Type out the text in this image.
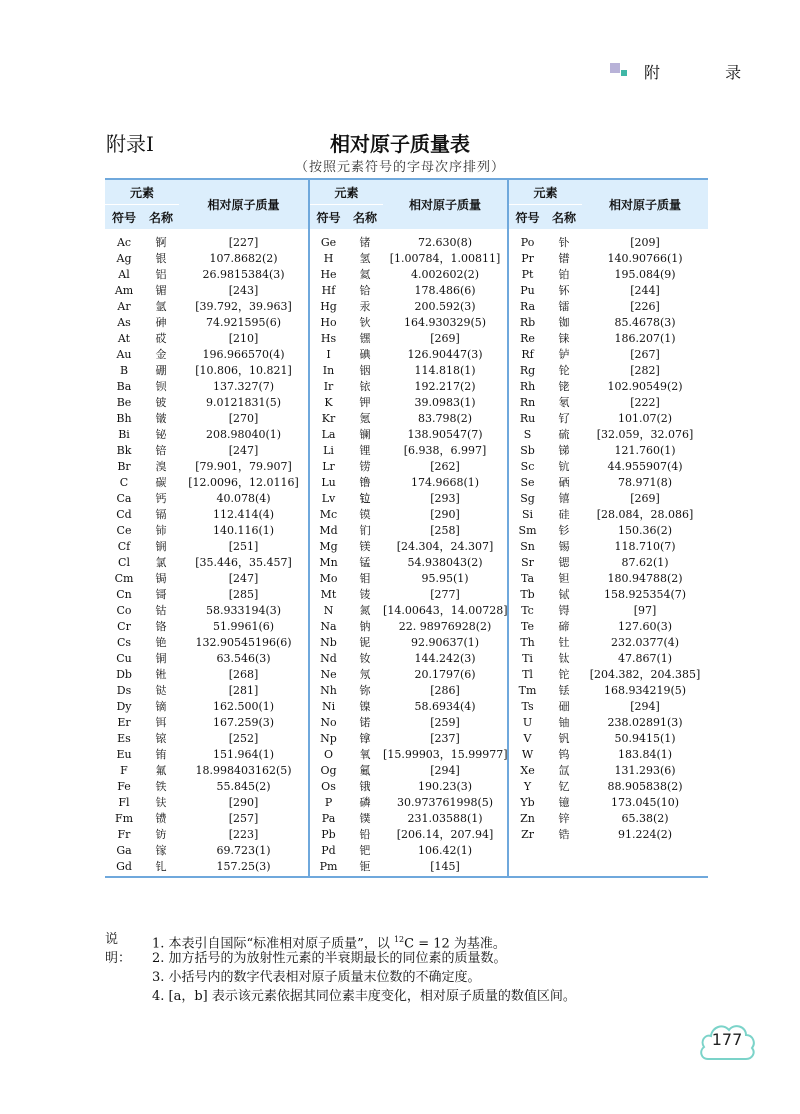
附 录
相对原子质量表
附录Ⅰ
（按照元素符号的字母次序排列）
元素		相对原子质量	元素		相对原子质量	元素		相对原子质量
符号	名称		符号	名称		符号	名称	
Ac	锕	[227]	Ge	锗	72.630(8)	Po	钋	[209]
Ag	银	107.8682(2)	H	氢	[1.00784，1.00811]	Pr	镨	140.90766(1)
Al	铝	26.9815384(3)	He	氦	4.002602(2)	Pt	铂	195.084(9)
Am	镅	[243]	Hf	铪	178.486(6)	Pu	钚	[244]
Ar	氩	[39.792，39.963]	Hg	汞	200.592(3)	Ra	镭	[226]
As	砷	74.921595(6)	Ho	钬	164.930329(5)	Rb	铷	85.4678(3)
At	砹	[210]	Hs	𬭶	[269]	Re	铼	186.207(1)
Au	金	196.966570(4)	I	碘	126.90447(3)	Rf	𬬻	[267]
B	硼	[10.806，10.821]	In	铟	114.818(1)	Rg	𬬭	[282]
Ba	钡	137.327(7)	Ir	铱	192.217(2)	Rh	铑	102.90549(2)
Be	铍	9.0121831(5)	K	钾	39.0983(1)	Rn	氡	[222]
Bh	𬭛	[270]	Kr	氪	83.798(2)	Ru	钌	101.07(2)
Bi	铋	208.98040(1)	La	镧	138.90547(7)	S	硫	[32.059，32.076]
Bk	锫	[247]	Li	锂	[6.938，6.997]	Sb	锑	121.760(1)
Br	溴	[79.901，79.907]	Lr	铹	[262]	Sc	钪	44.955907(4)
C	碳	[12.0096，12.0116]	Lu	镥	174.9668(1)	Se	硒	78.971(8)
Ca	钙	40.078(4)	Lv	𫟷	[293]	Sg	𬭳	[269]
Cd	镉	112.414(4)	Mc	镆	[290]	Si	硅	[28.084，28.086]
Ce	铈	140.116(1)	Md	钔	[258]	Sm	钐	150.36(2)
Cf	锎	[251]	Mg	镁	[24.304，24.307]	Sn	锡	118.710(7)
Cl	氯	[35.446，35.457]	Mn	锰	54.938043(2)	Sr	锶	87.62(1)
Cm	锔	[247]	Mo	钼	95.95(1)	Ta	钽	180.94788(2)
Cn	鿔	[285]	Mt	鿏	[277]	Tb	铽	158.925354(7)
Co	钴	58.933194(3)	N	氮	[14.00643，14.00728]	Tc	锝	[97]
Cr	铬	51.9961(6)	Na	钠	22. 98976928(2)	Te	碲	127.60(3)
Cs	铯	132.90545196(6)	Nb	铌	92.90637(1)	Th	钍	232.0377(4)
Cu	铜	63.546(3)	Nd	钕	144.242(3)	Ti	钛	47.867(1)
Db	𬭊	[268]	Ne	氖	20.1797(6)	Tl	铊	[204.382，204.385]
Ds	𫟼	[281]	Nh	鿭	[286]	Tm	铥	168.934219(5)
Dy	镝	162.500(1)	Ni	镍	58.6934(4)	Ts	鿬	[294]
Er	铒	167.259(3)	No	锘	[259]	U	铀	238.02891(3)
Es	锿	[252]	Np	镎	[237]	V	钒	50.9415(1)
Eu	铕	151.964(1)	O	氧	[15.99903，15.99977]	W	钨	183.84(1)
F	氟	18.998403162(5)	Og	鿫	[294]	Xe	氙	131.293(6)
Fe	铁	55.845(2)	Os	锇	190.23(3)	Y	钇	88.905838(2)
Fl	𫓧	[290]	P	磷	30.973761998(5)	Yb	镱	173.045(10)
Fm	镄	[257]	Pa	镤	231.03588(1)	Zn	锌	65.38(2)
Fr	钫	[223]	Pb	铅	[206.14，207.94]	Zr	锆	91.224(2)
Ga	镓	69.723(1)	Pd	钯	106.42(1)			
Gd	钆	157.25(3)	Pm	钷	[145]			
说明：
1. 本表引自国际“标准相对原子质量”，以 $^{12}$C = 12 为基准。
2. 加方括号的为放射性元素的半衰期最长的同位素的质量数。
3. 小括号内的数字代表相对原子质量末位数的不确定度。
4. [a，b] 表示该元素依据其同位素丰度变化，相对原子质量的数值区间。
177
